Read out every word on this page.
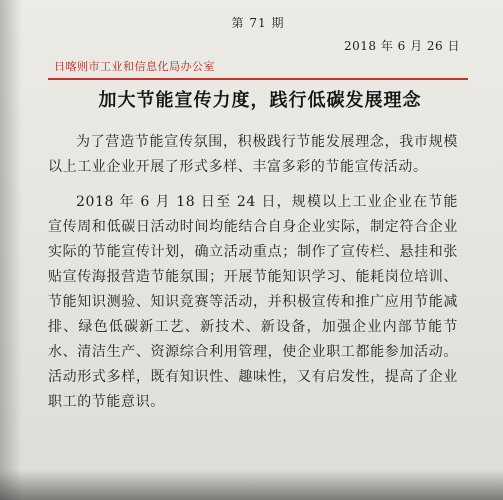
第 71 期
2018 年 6 月 26 日
日喀则市工业和信息化局办公室
加大节能宣传力度，践行低碳发展理念

为了营造节能宣传氛围，积极践行节能发展理念，我市规模以上工业企业开展了形式多样、丰富多彩的节能宣传活动。

2018 年 6 月 18 日至 24 日，规模以上工业企业在节能宣传周和低碳日活动时间均能结合自身企业实际，制定符合企业实际的节能宣传计划，确立活动重点；制作了宣传栏、悬挂和张贴宣传海报营造节能氛围；开展节能知识学习、能耗岗位培训、节能知识测验、知识竞赛等活动，并积极宣传和推广应用节能减排、绿色低碳新工艺、新技术、新设备，加强企业内部节能节水、清洁生产、资源综合利用管理，使企业职工都能参加活动。活动形式多样，既有知识性、趣味性，又有启发性，提高了企业职工的节能意识。
